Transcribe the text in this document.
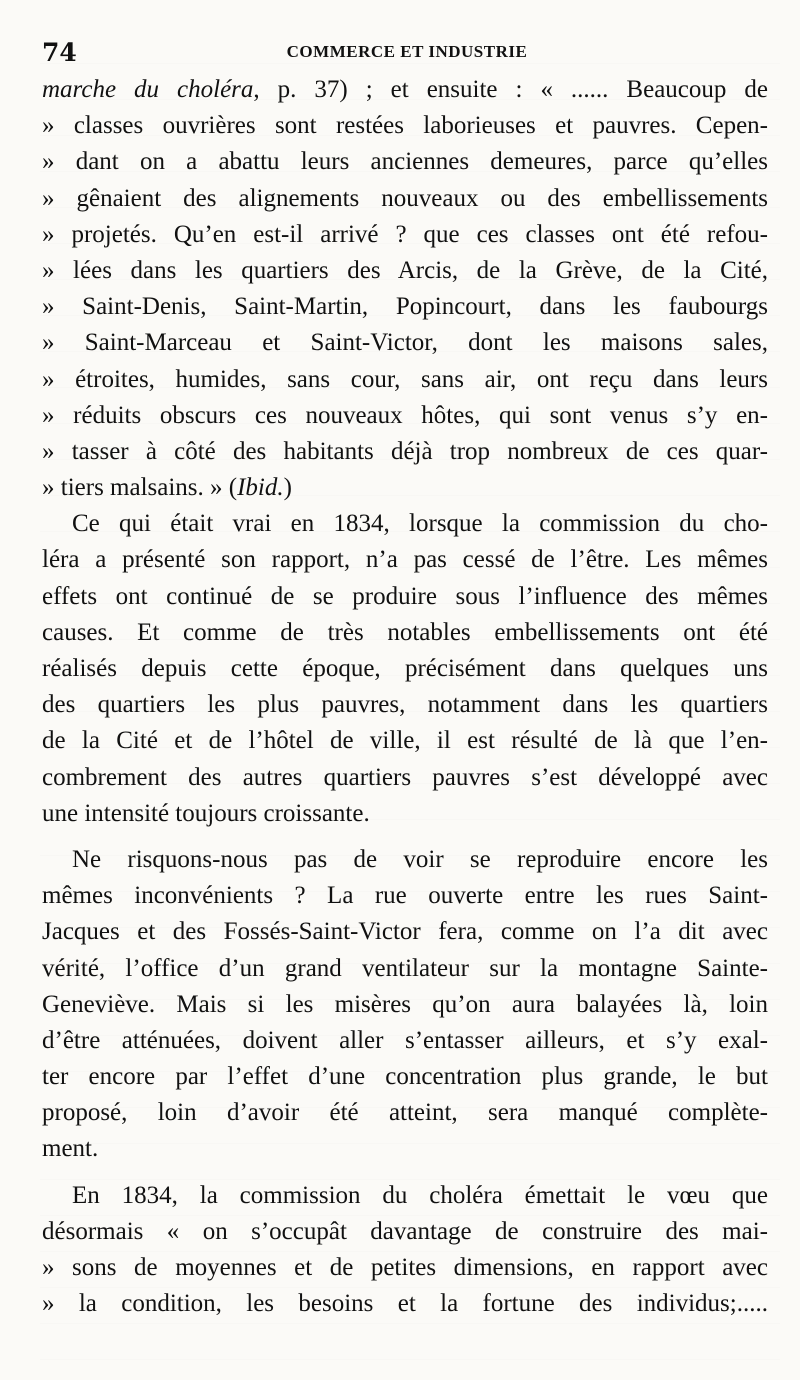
74	COMMERCE ET INDUSTRIE
marche du choléra, p. 37) ; et ensuite : « ...... Beaucoup de
» classes ouvrières sont restées laborieuses et pauvres. Cepen-
» dant on a abattu leurs anciennes demeures, parce qu’elles
» gênaient des alignements nouveaux ou des embellissements
» projetés. Qu’en est-il arrivé ? que ces classes ont été refou-
» lées dans les quartiers des Arcis, de la Grève, de la Cité,
» Saint-Denis, Saint-Martin, Popincourt, dans les faubourgs
» Saint-Marceau et Saint-Victor, dont les maisons sales,
» étroites, humides, sans cour, sans air, ont reçu dans leurs
» réduits obscurs ces nouveaux hôtes, qui sont venus s’y en-
» tasser à côté des habitants déjà trop nombreux de ces quar-
» tiers malsains. » (Ibid.)
Ce qui était vrai en 1834, lorsque la commission du cho-
léra a présenté son rapport, n’a pas cessé de l’être. Les mêmes
effets ont continué de se produire sous l’influence des mêmes
causes. Et comme de très notables embellissements ont été
réalisés depuis cette époque, précisément dans quelques uns
des quartiers les plus pauvres, notamment dans les quartiers
de la Cité et de l’hôtel de ville, il est résulté de là que l’en-
combrement des autres quartiers pauvres s’est développé avec
une intensité toujours croissante.
Ne risquons-nous pas de voir se reproduire encore les
mêmes inconvénients ? La rue ouverte entre les rues Saint-
Jacques et des Fossés-Saint-Victor fera, comme on l’a dit avec
vérité, l’office d’un grand ventilateur sur la montagne Sainte-
Geneviève. Mais si les misères qu’on aura balayées là, loin
d’être atténuées, doivent aller s’entasser ailleurs, et s’y exal-
ter encore par l’effet d’une concentration plus grande, le but
proposé, loin d’avoir été atteint, sera manqué complète-
ment.
En 1834, la commission du choléra émettait le vœu que
désormais « on s’occupât davantage de construire des mai-
» sons de moyennes et de petites dimensions, en rapport avec
» la condition, les besoins et la fortune des individus;.....
